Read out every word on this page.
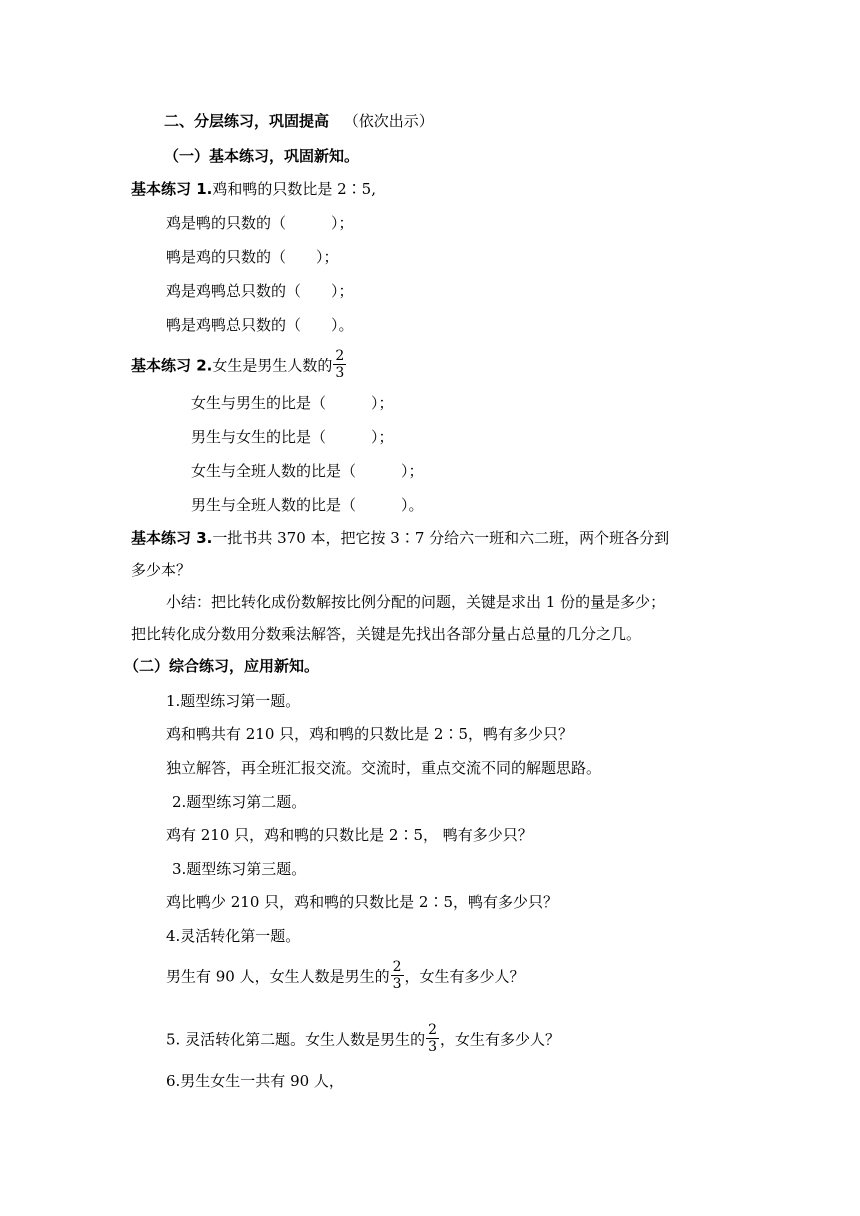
二、分层练习，巩固提高 （依次出示）
（一）基本练习，巩固新知。
基本练习 1.鸡和鸭的只数比是 2∶5,
鸡是鸭的只数的（　　　）；
鸭是鸡的只数的（　　）；
鸡是鸡鸭总只数的（　　）；
鸭是鸡鸭总只数的（　　）。
基本练习 2.女生是男生人数的 $\frac{2}{3}$
女生与男生的比是（　　　）；
男生与女生的比是（　　　）；
女生与全班人数的比是（　　　）；
男生与全班人数的比是（　　　）。
基本练习 3.一批书共 370 本，把它按 3∶7 分给六一班和六二班，两个班各分到
多少本？
小结：把比转化成份数解按比例分配的问题，关键是求出 1 份的量是多少；
把比转化成分数用分数乘法解答，关键是先找出各部分量占总量的几分之几。
（二）综合练习，应用新知。
1.题型练习第一题。
鸡和鸭共有 210 只，鸡和鸭的只数比是 2∶5，鸭有多少只？
独立解答，再全班汇报交流。交流时，重点交流不同的解题思路。
2.题型练习第二题。
鸡有 210 只，鸡和鸭的只数比是 2∶5， 鸭有多少只？
3.题型练习第三题。
鸡比鸭少 210 只，鸡和鸭的只数比是 2∶5，鸭有多少只？
4.灵活转化第一题。
男生有 90 人，女生人数是男生的 $\frac{2}{3}$ ，女生有多少人？
5. 灵活转化第二题。女生人数是男生的 $\frac{2}{3}$ ，女生有多少人？
6.男生女生一共有 90 人，
